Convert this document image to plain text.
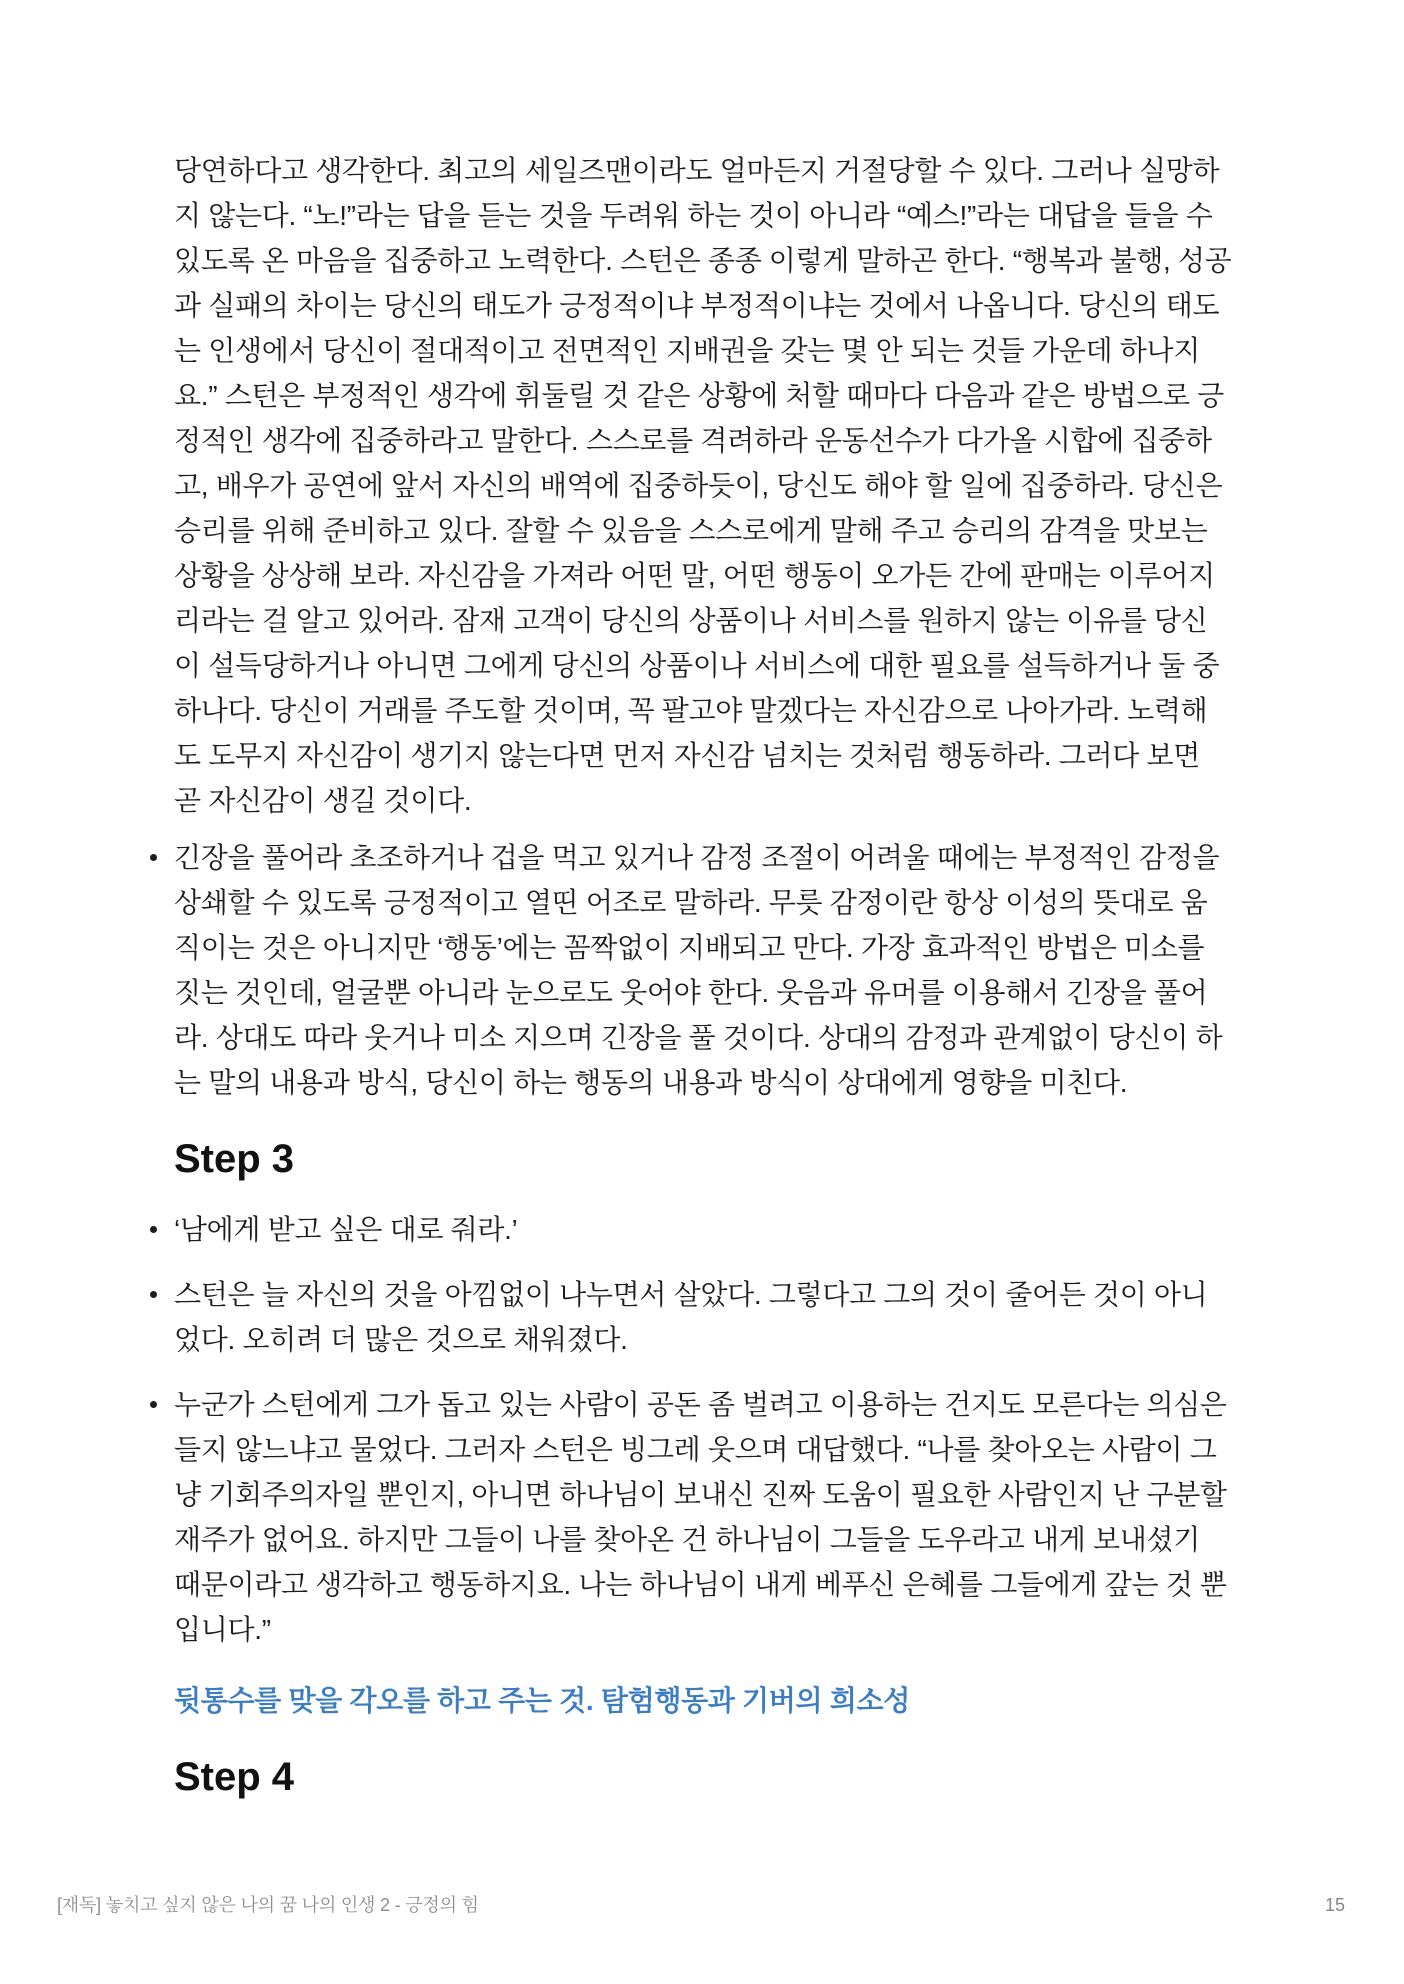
당연하다고 생각한다. 최고의 세일즈맨이라도 얼마든지 거절당할 수 있다. 그러나 실망하지 않는다. “노!”라는 답을 듣는 것을 두려워 하는 것이 아니라 “예스!”라는 대답을 들을 수 있도록 온 마음을 집중하고 노력한다. 스턴은 종종 이렇게 말하곤 한다. “행복과 불행, 성공과 실패의 차이는 당신의 태도가 긍정적이냐 부정적이냐는 것에서 나옵니다. 당신의 태도는 인생에서 당신이 절대적이고 전면적인 지배권을 갖는 몇 안 되는 것들 가운데 하나지요.” 스턴은 부정적인 생각에 휘둘릴 것 같은 상황에 처할 때마다 다음과 같은 방법으로 긍정적인 생각에 집중하라고 말한다. 스스로를 격려하라 운동선수가 다가올 시합에 집중하고, 배우가 공연에 앞서 자신의 배역에 집중하듯이, 당신도 해야 할 일에 집중하라. 당신은 승리를 위해 준비하고 있다. 잘할 수 있음을 스스로에게 말해 주고 승리의 감격을 맛보는 상황을 상상해 보라. 자신감을 가져라 어떤 말, 어떤 행동이 오가든 간에 판매는 이루어지리라는 걸 알고 있어라. 잠재 고객이 당신의 상품이나 서비스를 원하지 않는 이유를 당신이 설득당하거나 아니면 그에게 당신의 상품이나 서비스에 대한 필요를 설득하거나 둘 중 하나다. 당신이 거래를 주도할 것이며, 꼭 팔고야 말겠다는 자신감으로 나아가라. 노력해도 도무지 자신감이 생기지 않는다면 먼저 자신감 넘치는 것처럼 행동하라. 그러다 보면 곧 자신감이 생길 것이다.

긴장을 풀어라 초조하거나 겁을 먹고 있거나 감정 조절이 어려울 때에는 부정적인 감정을 상쇄할 수 있도록 긍정적이고 열띤 어조로 말하라. 무릇 감정이란 항상 이성의 뜻대로 움직이는 것은 아니지만 ‘행동’에는 꼼짝없이 지배되고 만다. 가장 효과적인 방법은 미소를 짓는 것인데, 얼굴뿐 아니라 눈으로도 웃어야 한다. 웃음과 유머를 이용해서 긴장을 풀어라. 상대도 따라 웃거나 미소 지으며 긴장을 풀 것이다. 상대의 감정과 관계없이 당신이 하는 말의 내용과 방식, 당신이 하는 행동의 내용과 방식이 상대에게 영향을 미친다.
Step 3
‘남에게 받고 싶은 대로 줘라.’
스턴은 늘 자신의 것을 아낌없이 나누면서 살았다. 그렇다고 그의 것이 줄어든 것이 아니었다. 오히려 더 많은 것으로 채워졌다.
누군가 스턴에게 그가 돕고 있는 사람이 공돈 좀 벌려고 이용하는 건지도 모른다는 의심은 들지 않느냐고 물었다. 그러자 스턴은 빙그레 웃으며 대답했다. “나를 찾아오는 사람이 그냥 기회주의자일 뿐인지, 아니면 하나님이 보내신 진짜 도움이 필요한 사람인지 난 구분할 재주가 없어요. 하지만 그들이 나를 찾아온 건 하나님이 그들을 도우라고 내게 보내셨기 때문이라고 생각하고 행동하지요. 나는 하나님이 내게 베푸신 은혜를 그들에게 갚는 것 뿐입니다.”

뒷통수를 맞을 각오를 하고 주는 것. 탐험행동과 기버의 희소성

Step 4
[재독] 놓치고 싶지 않은 나의 꿈 나의 인생 2 - 긍정의 힘	15
